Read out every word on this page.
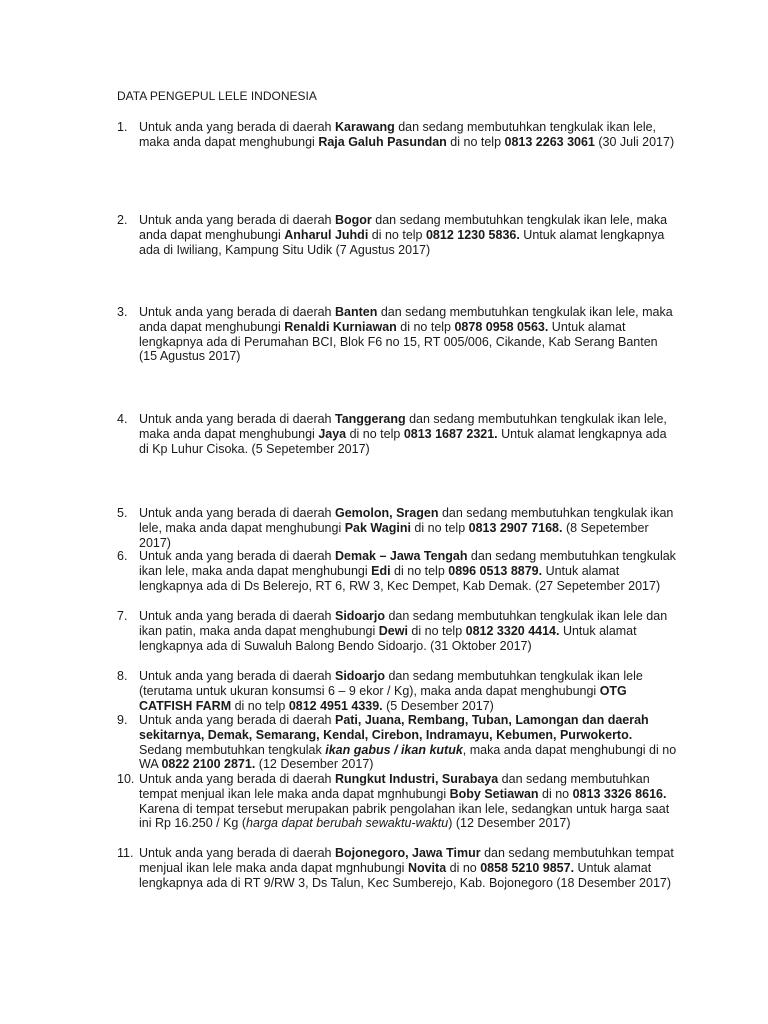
DATA PENGEPUL LELE INDONESIA
1. Untuk anda yang berada di daerah Karawang dan sedang membutuhkan tengkulak ikan lele, maka anda dapat menghubungi Raja Galuh Pasundan di no telp 0813 2263 3061 (30 Juli 2017)
2. Untuk anda yang berada di daerah Bogor dan sedang membutuhkan tengkulak ikan lele, maka anda dapat menghubungi Anharul Juhdi di no telp 0812 1230 5836. Untuk alamat lengkapnya ada di Iwiliang, Kampung Situ Udik (7 Agustus 2017)
3. Untuk anda yang berada di daerah Banten dan sedang membutuhkan tengkulak ikan lele, maka anda dapat menghubungi Renaldi Kurniawan di no telp 0878 0958 0563. Untuk alamat lengkapnya ada di Perumahan BCI, Blok F6 no 15, RT 005/006, Cikande, Kab Serang Banten (15 Agustus 2017)
4. Untuk anda yang berada di daerah Tanggerang dan sedang membutuhkan tengkulak ikan lele, maka anda dapat menghubungi Jaya di no telp 0813 1687 2321. Untuk alamat lengkapnya ada di Kp Luhur Cisoka. (5 Sepetember 2017)
5. Untuk anda yang berada di daerah Gemolon, Sragen dan sedang membutuhkan tengkulak ikan lele, maka anda dapat menghubungi Pak Wagini di no telp 0813 2907 7168. (8 Sepetember 2017)
6. Untuk anda yang berada di daerah Demak – Jawa Tengah dan sedang membutuhkan tengkulak ikan lele, maka anda dapat menghubungi Edi di no telp 0896 0513 8879. Untuk alamat lengkapnya ada di Ds Belerejo, RT 6, RW 3, Kec Dempet, Kab Demak. (27 Sepetember 2017)
7. Untuk anda yang berada di daerah Sidoarjo dan sedang membutuhkan tengkulak ikan lele dan ikan patin, maka anda dapat menghubungi Dewi di no telp 0812 3320 4414. Untuk alamat lengkapnya ada di Suwaluh Balong Bendo Sidoarjo. (31 Oktober 2017)
8. Untuk anda yang berada di daerah Sidoarjo dan sedang membutuhkan tengkulak ikan lele (terutama untuk ukuran konsumsi 6 – 9 ekor / Kg), maka anda dapat menghubungi OTG CATFISH FARM di no telp 0812 4951 4339. (5 Desember 2017)
9. Untuk anda yang berada di daerah Pati, Juana, Rembang, Tuban, Lamongan dan daerah sekitarnya, Demak, Semarang, Kendal, Cirebon, Indramayu, Kebumen, Purwokerto. Sedang membutuhkan tengkulak ikan gabus / ikan kutuk, maka anda dapat menghubungi di no WA 0822 2100 2871. (12 Desember 2017)
10. Untuk anda yang berada di daerah Rungkut Industri, Surabaya dan sedang membutuhkan tempat menjual ikan lele maka anda dapat mgnhubungi Boby Setiawan di no 0813 3326 8616. Karena di tempat tersebut merupakan pabrik pengolahan ikan lele, sedangkan untuk harga saat ini Rp 16.250 / Kg (harga dapat berubah sewaktu-waktu) (12 Desember 2017)
11. Untuk anda yang berada di daerah Bojonegoro, Jawa Timur dan sedang membutuhkan tempat menjual ikan lele maka anda dapat mgnhubungi Novita di no 0858 5210 9857. Untuk alamat lengkapnya ada di RT 9/RW 3, Ds Talun, Kec Sumberejo, Kab. Bojonegoro (18 Desember 2017)
